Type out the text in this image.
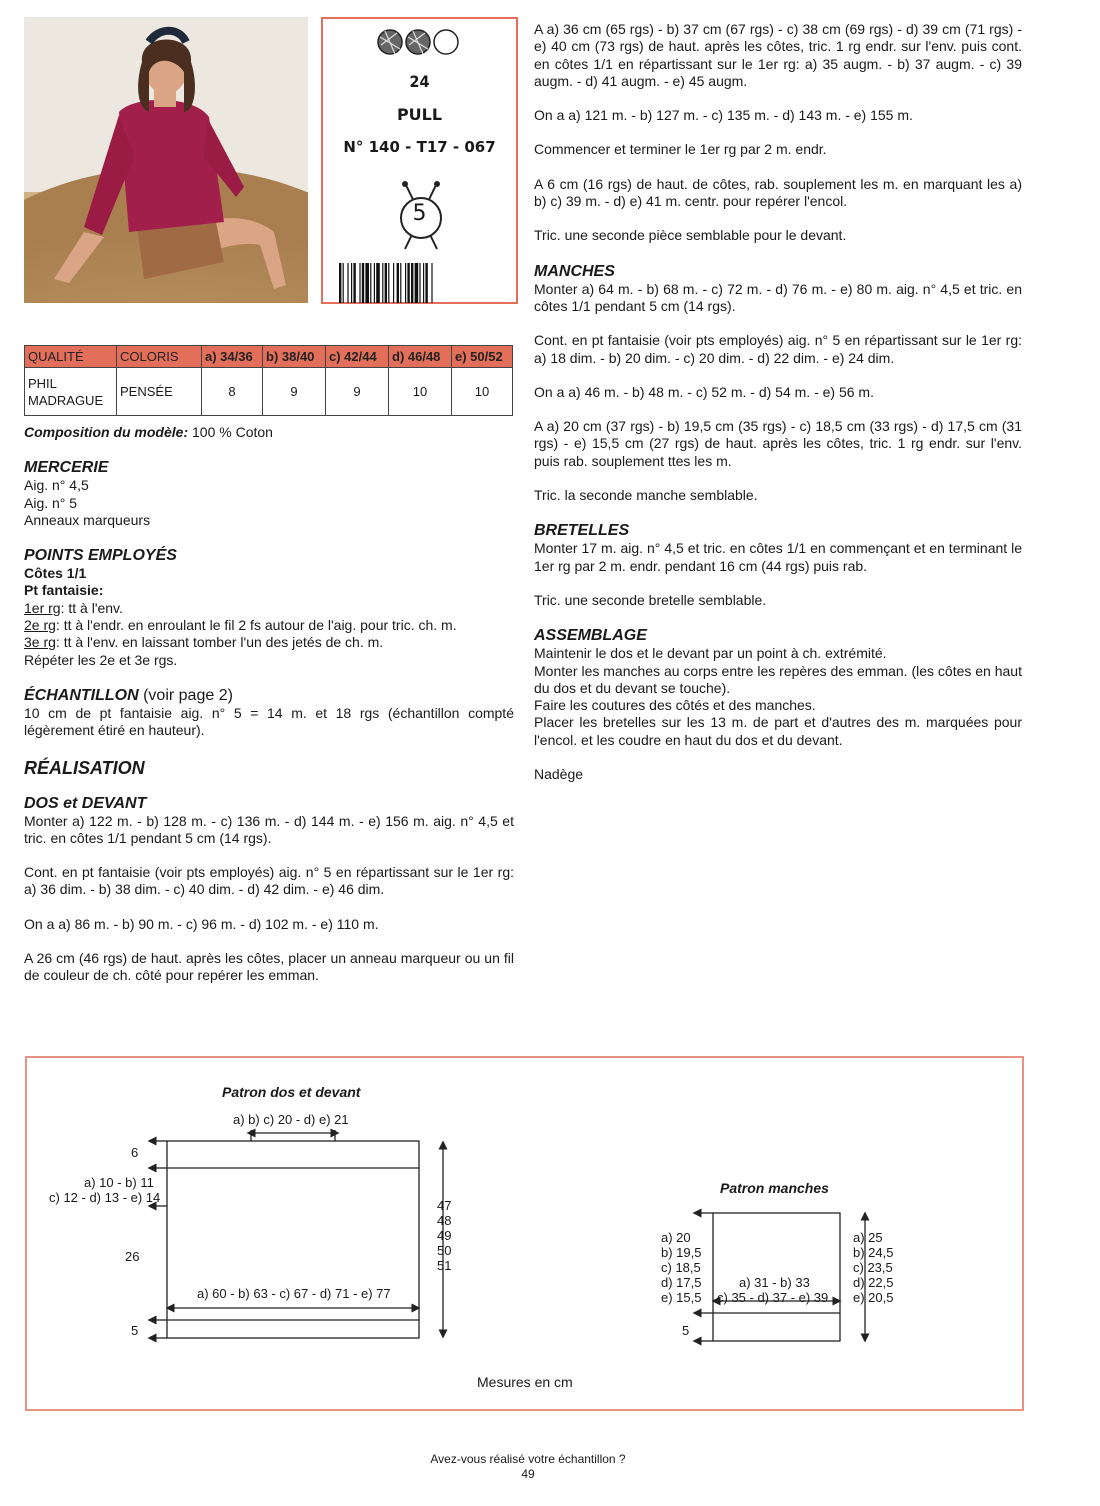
24
PULL
N° 140 - T17 - 067
5
QUALITÉ	COLORIS	a) 34/36	b) 38/40	c) 42/44	d) 46/48	e) 50/52
PHIL
MADRAGUE	PENSÉE	8	9	9	10	10

Composition du modèle: 100 % Coton

MERCERIE

Aig. n° 4,5

Aig. n° 5

Anneaux marqueurs

POINTS EMPLOYÉS

Côtes 1/1

Pt fantaisie:

1er rg: tt à l'env.

2e rg: tt à l'endr. en enroulant le fil 2 fs autour de l'aig. pour tric. ch. m.

3e rg: tt à l'env. en laissant tomber l'un des jetés de ch. m.

Répéter les 2e et 3e rgs.

ÉCHANTILLON (voir page 2)

10 cm de pt fantaisie aig. n° 5 = 14 m. et 18 rgs (échantillon compté légèrement étiré en hauteur).

RÉALISATION

DOS et DEVANT

Monter a) 122 m. - b) 128 m. - c) 136 m. - d) 144 m. - e) 156 m. aig. n° 4,5 et tric. en côtes 1/1 pendant 5 cm (14 rgs).

Cont. en pt fantaisie (voir pts employés) aig. n° 5 en répartissant sur le 1er rg: a) 36 dim. - b) 38 dim. - c) 40 dim. - d) 42 dim. - e) 46 dim.

On a a) 86 m. - b) 90 m. - c) 96 m. - d) 102 m. - e) 110 m.

A 26 cm (46 rgs) de haut. après les côtes, placer un anneau marqueur ou un fil de couleur de ch. côté pour repérer les emman.

A a) 36 cm (65 rgs) - b) 37 cm (67 rgs) - c) 38 cm (69 rgs) - d) 39 cm (71 rgs) - e) 40 cm (73 rgs) de haut. après les côtes, tric. 1 rg endr. sur l'env. puis cont. en côtes 1/1 en répartissant sur le 1er rg: a) 35 augm. - b) 37 augm. - c) 39 augm. - d) 41 augm. - e) 45 augm.

On a a) 121 m. - b) 127 m. - c) 135 m. - d) 143 m. - e) 155 m.

Commencer et terminer le 1er rg par 2 m. endr.

A 6 cm (16 rgs) de haut. de côtes, rab. souplement les m. en marquant les a) b) c) 39 m. - d) e) 41 m. centr. pour repérer l'encol.

Tric. une seconde pièce semblable pour le devant.

MANCHES

Monter a) 64 m. - b) 68 m. - c) 72 m. - d) 76 m. - e) 80 m. aig. n° 4,5 et tric. en côtes 1/1 pendant 5 cm (14 rgs).

Cont. en pt fantaisie (voir pts employés) aig. n° 5 en répartissant sur le 1er rg: a) 18 dim. - b) 20 dim. - c) 20 dim. - d) 22 dim. - e) 24 dim.

On a a) 46 m. - b) 48 m. - c) 52 m. - d) 54 m. - e) 56 m.

A a) 20 cm (37 rgs) - b) 19,5 cm (35 rgs) - c) 18,5 cm (33 rgs) - d) 17,5 cm (31 rgs) - e) 15,5 cm (27 rgs) de haut. après les côtes, tric. 1 rg endr. sur l'env. puis rab. souplement ttes les m.

Tric. la seconde manche semblable.

BRETELLES

Monter 17 m. aig. n° 4,5 et tric. en côtes 1/1 en commençant et en terminant le 1er rg par 2 m. endr. pendant 16 cm (44 rgs) puis rab.

Tric. une seconde bretelle semblable.

ASSEMBLAGE

Maintenir le dos et le devant par un point à ch. extrémité.

Monter les manches au corps entre les repères des emman. (les côtes en haut du dos et du devant se touche).

Faire les coutures des côtés et des manches.

Placer les bretelles sur les 13 m. de part et d'autres des m. marquées pour l'encol. et les coudre en haut du dos et du devant.

Nadège

Patron dos et devant
a) b) c) 20 - d) e) 21
6
a) 10 - b) 11
c) 12 - d) 13 - e) 14
26
5
a) 60 - b) 63 - c) 67 - d) 71 - e) 77
47
48
49
50
51
Patron manches
a) 20
b) 19,5
c) 18,5
d) 17,5
e) 15,5
a) 31 - b) 33
c) 35 - d) 37 - e) 39
a) 25
b) 24,5
c) 23,5
d) 22,5
e) 20,5
5
Mesures en cm
Avez-vous réalisé votre échantillon ?
49
